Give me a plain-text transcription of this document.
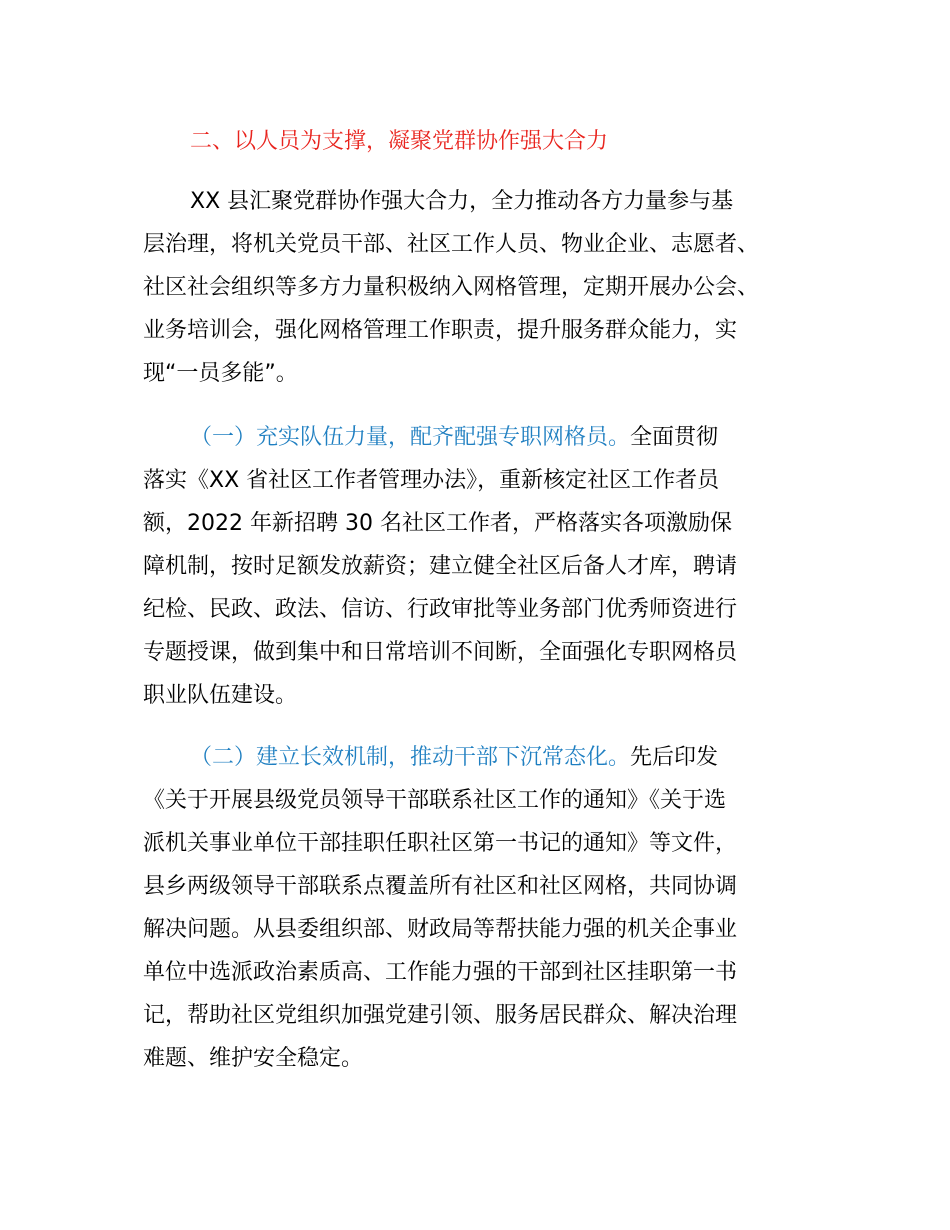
二、以人员为支撑，凝聚党群协作强大合力
XX 县汇聚党群协作强大合力，全力推动各方力量参与基
层治理，将机关党员干部、社区工作人员、物业企业、志愿者、
社区社会组织等多方力量积极纳入网格管理，定期开展办公会、
业务培训会，强化网格管理工作职责，提升服务群众能力，实
现“一员多能”。
（一）充实队伍力量，配齐配强专职网格员。全面贯彻
落实《XX 省社区工作者管理办法》，重新核定社区工作者员
额，2022 年新招聘 30 名社区工作者，严格落实各项激励保
障机制，按时足额发放薪资；建立健全社区后备人才库，聘请
纪检、民政、政法、信访、行政审批等业务部门优秀师资进行
专题授课，做到集中和日常培训不间断，全面强化专职网格员
职业队伍建设。
（二）建立长效机制，推动干部下沉常态化。先后印发
《关于开展县级党员领导干部联系社区工作的通知》《关于选
派机关事业单位干部挂职任职社区第一书记的通知》等文件，
县乡两级领导干部联系点覆盖所有社区和社区网格，共同协调
解决问题。从县委组织部、财政局等帮扶能力强的机关企事业
单位中选派政治素质高、工作能力强的干部到社区挂职第一书
记，帮助社区党组织加强党建引领、服务居民群众、解决治理
难题、维护安全稳定。
